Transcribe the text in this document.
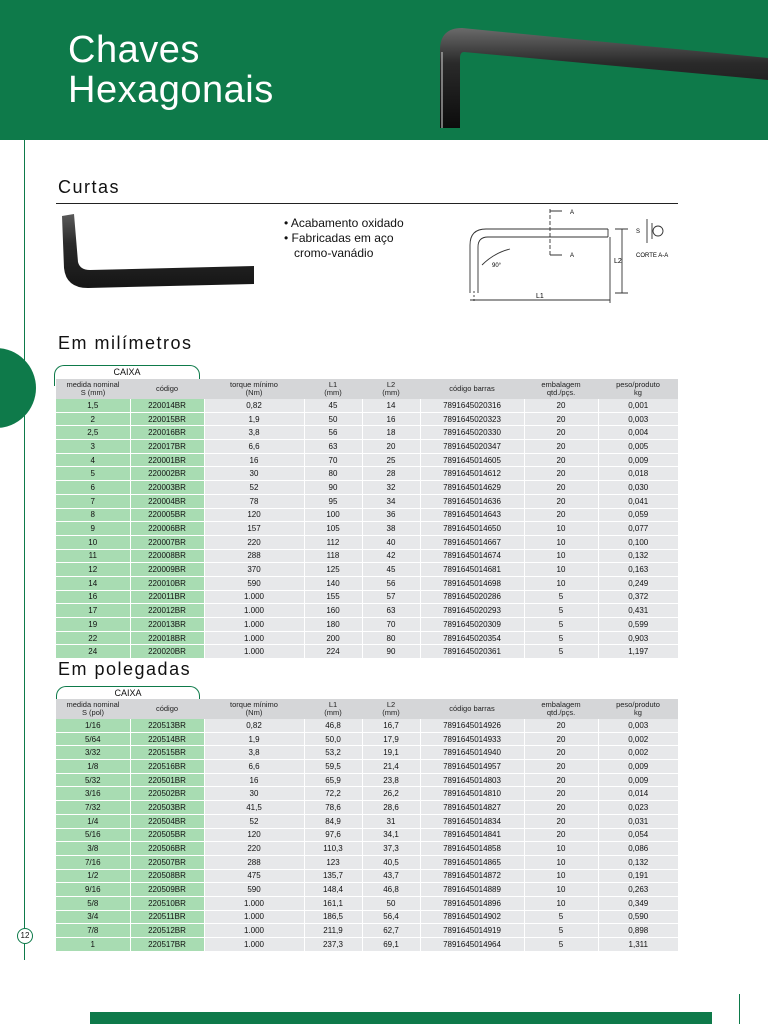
Chaves
Hexagonais
Curtas
• Acabamento oxidado
• Fabricadas em aço
cromo-vanádio
A
A
S
CORTE A-A
L1
L2
90°
Em milímetros
CAIXA
medida nominal
S (mm)	código	torque mínimo
(Nm)	L1
(mm)	L2
(mm)	código barras	embalagem
qtd./pçs.	peso/produto
kg
1,5	220014BR	0,82	45	14	7891645020316	20	0,001
2	220015BR	1,9	50	16	7891645020323	20	0,003
2,5	220016BR	3,8	56	18	7891645020330	20	0,004
3	220017BR	6,6	63	20	7891645020347	20	0,005
4	220001BR	16	70	25	7891645014605	20	0,009
5	220002BR	30	80	28	7891645014612	20	0,018
6	220003BR	52	90	32	7891645014629	20	0,030
7	220004BR	78	95	34	7891645014636	20	0,041
8	220005BR	120	100	36	7891645014643	20	0,059
9	220006BR	157	105	38	7891645014650	10	0,077
10	220007BR	220	112	40	7891645014667	10	0,100
11	220008BR	288	118	42	7891645014674	10	0,132
12	220009BR	370	125	45	7891645014681	10	0,163
14	220010BR	590	140	56	7891645014698	10	0,249
16	220011BR	1.000	155	57	7891645020286	5	0,372
17	220012BR	1.000	160	63	7891645020293	5	0,431
19	220013BR	1.000	180	70	7891645020309	5	0,599
22	220018BR	1.000	200	80	7891645020354	5	0,903
24	220020BR	1.000	224	90	7891645020361	5	1,197
Em polegadas
CAIXA
medida nominal
S (pol)	código	torque mínimo
(Nm)	L1
(mm)	L2
(mm)	código barras	embalagem
qtd./pçs.	peso/produto
kg
1/16	220513BR	0,82	46,8	16,7	7891645014926	20	0,003
5/64	220514BR	1,9	50,0	17,9	7891645014933	20	0,002
3/32	220515BR	3,8	53,2	19,1	7891645014940	20	0,002
1/8	220516BR	6,6	59,5	21,4	7891645014957	20	0,009
5/32	220501BR	16	65,9	23,8	7891645014803	20	0,009
3/16	220502BR	30	72,2	26,2	7891645014810	20	0,014
7/32	220503BR	41,5	78,6	28,6	7891645014827	20	0,023
1/4	220504BR	52	84,9	31	7891645014834	20	0,031
5/16	220505BR	120	97,6	34,1	7891645014841	20	0,054
3/8	220506BR	220	110,3	37,3	7891645014858	10	0,086
7/16	220507BR	288	123	40,5	7891645014865	10	0,132
1/2	220508BR	475	135,7	43,7	7891645014872	10	0,191
9/16	220509BR	590	148,4	46,8	7891645014889	10	0,263
5/8	220510BR	1.000	161,1	50	7891645014896	10	0,349
3/4	220511BR	1.000	186,5	56,4	7891645014902	5	0,590
7/8	220512BR	1.000	211,9	62,7	7891645014919	5	0,898
1	220517BR	1.000	237,3	69,1	7891645014964	5	1,311
12
